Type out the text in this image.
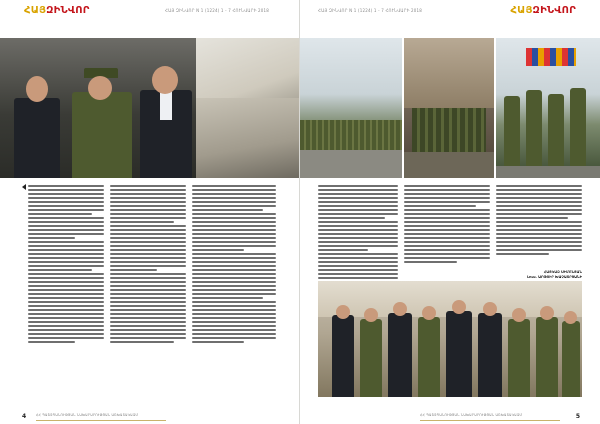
ՀԱՅԶԻՆՎՈՐ	ՀԱՅ ԶԻՆՎՈՐ N 1 (1224) 1 - 7 ՀՈՒՆՎԱՐԻ 2018
4	ՀՀ ՊԱՇՏՊԱՆՈՒԹՅԱՆ ՆԱԽԱՐԱՐՈՒԹՅԱՆ ԱՇԽԱՏԱԿԱԶՄ
ՀԱՅ ԶԻՆՎՈՐ N 1 (1224) 1 - 7 ՀՈՒՆՎԱՐԻ 2018	ՀԱՅԶԻՆՎՈՐ
ՀԱՅԿԱԶ ՍԻՄՈՆՅԱՆ
Լուս. ԱՐԹՈՒՐ ԽԱՉԱՏՐՅԱՆԻ
ՀՀ ՊԱՇՏՊԱՆՈՒԹՅԱՆ ՆԱԽԱՐԱՐՈՒԹՅԱՆ ԱՇԽԱՏԱԿԱԶՄ	5
